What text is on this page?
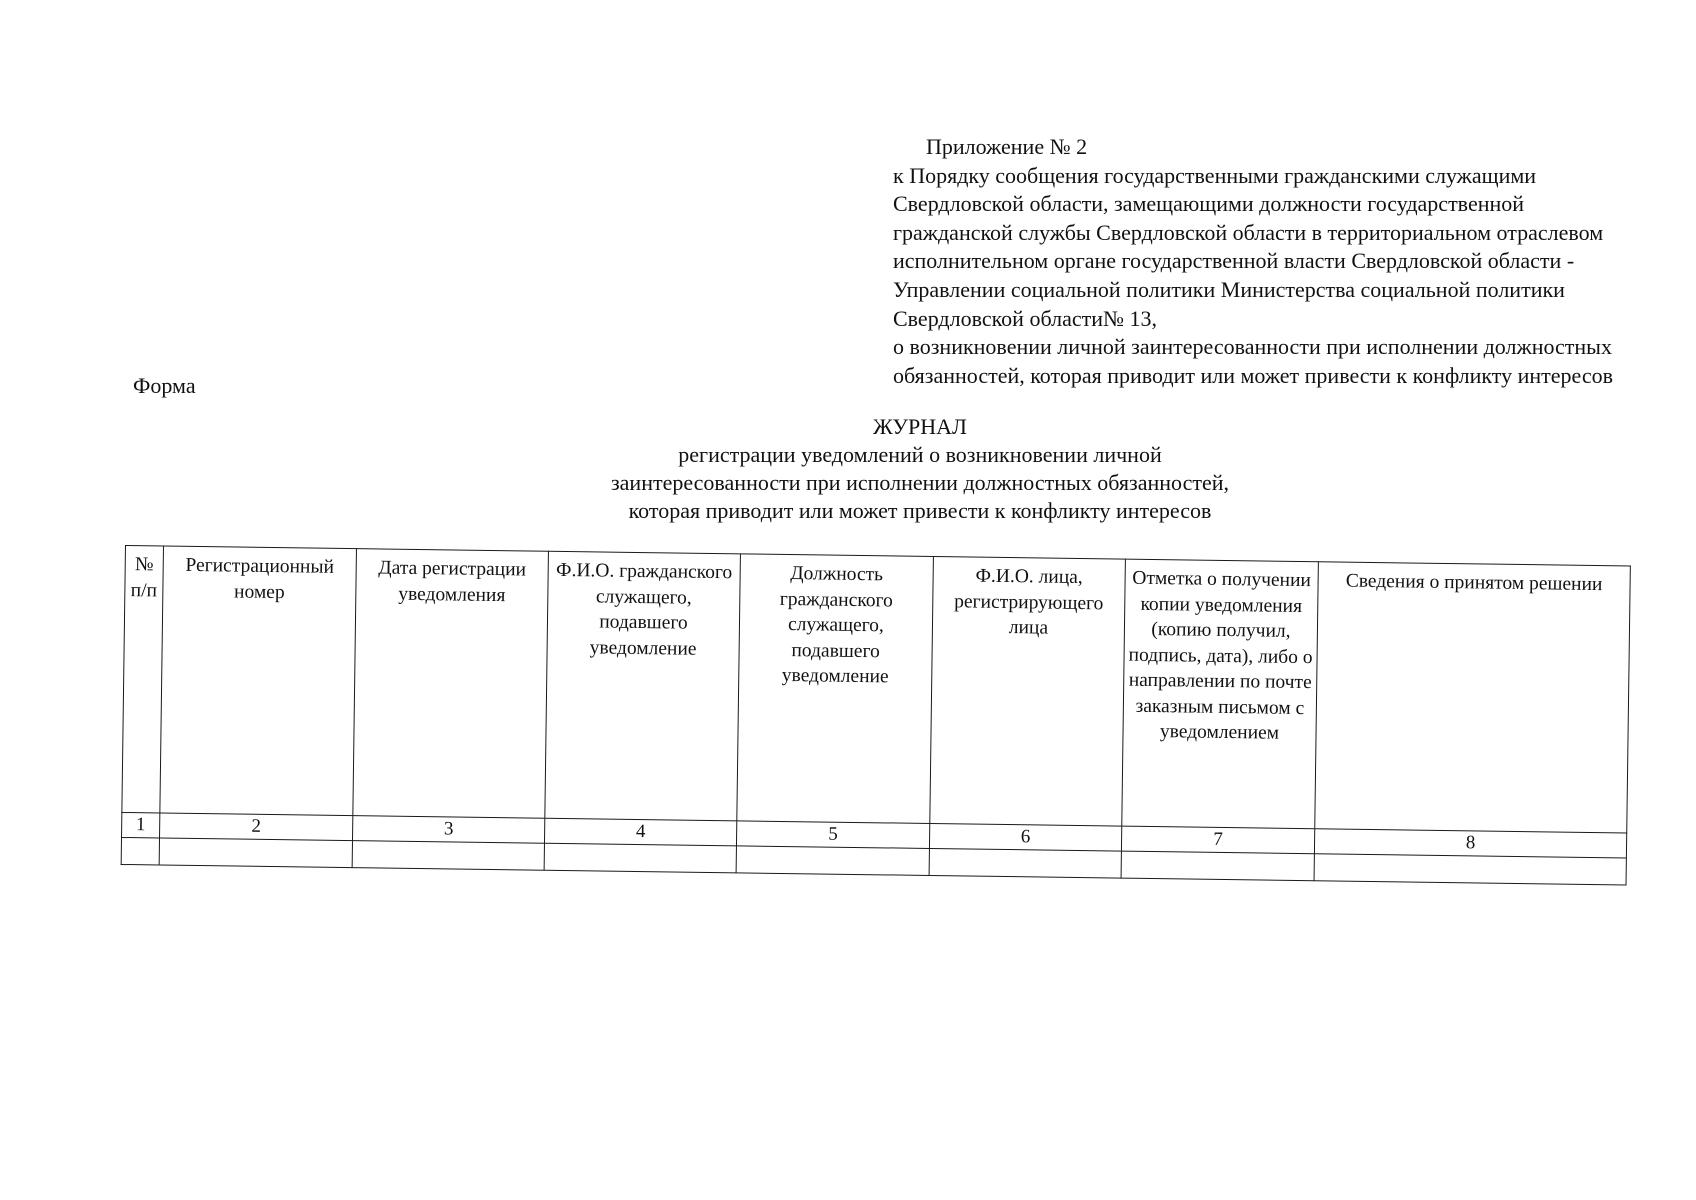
Приложение № 2
к Порядку сообщения государственными гражданскими служащими
Свердловской области, замещающими должности государственной
гражданской службы Свердловской области в территориальном отраслевом
исполнительном органе государственной власти Свердловской области -
Управлении социальной политики Министерства социальной политики
Свердловской области№ 13,
о возникновении личной заинтересованности при исполнении должностных
обязанностей, которая приводит или может привести к конфликту интересов
Форма
ЖУРНАЛ
регистрации уведомлений о возникновении личной
заинтересованности при исполнении должностных обязанностей,
которая приводит или может привести к конфликту интересов
№ п/п	Регистрационный номер	Дата регистрации уведомления	Ф.И.О. гражданского служащего, подавшего уведомление	Должность гражданского служащего, подавшего уведомление	Ф.И.О. лица, регистрирующего лица	Отметка о получении копии уведомления (копию получил, подпись, дата), либо о направлении по почте заказным письмом с уведомлением	Сведения о принятом решении
1	2	3	4	5	6	7	8
